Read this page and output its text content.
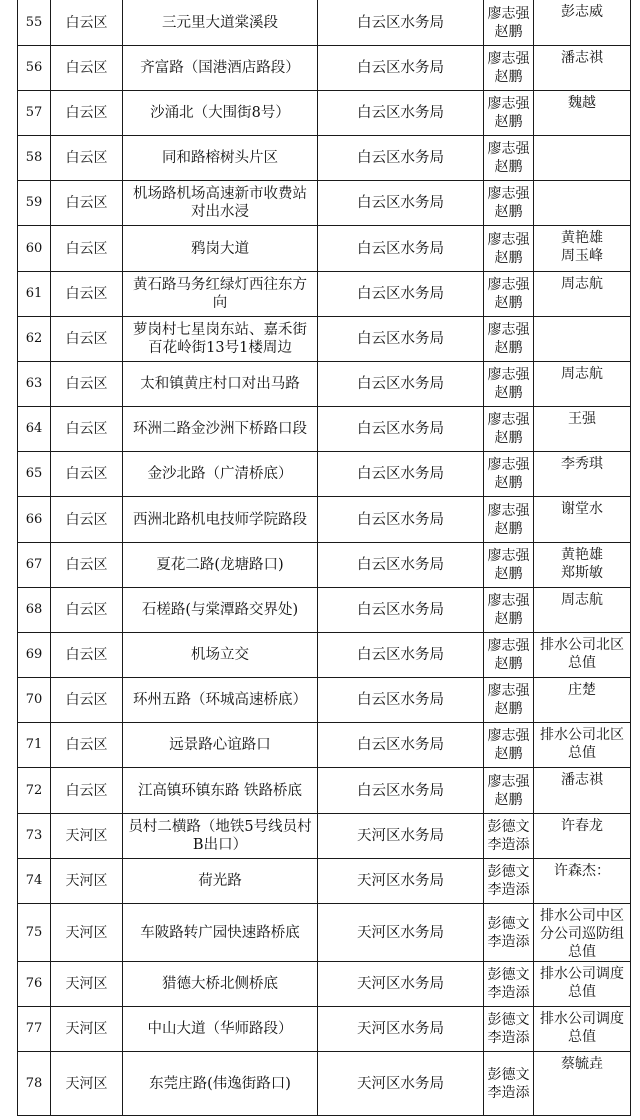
55	白云区	三元里大道棠溪段	白云区水务局	廖志强
赵鹏	彭志威

56	白云区	齐富路（国港酒店路段）	白云区水务局	廖志强
赵鹏	潘志祺

57	白云区	沙涌北（大围街8号）	白云区水务局	廖志强
赵鹏	魏越

58	白云区	同和路榕树头片区	白云区水务局	廖志强
赵鹏	

59	白云区	机场路机场高速新市收费站
对出水浸	白云区水务局	廖志强
赵鹏	

60	白云区	鸦岗大道	白云区水务局	廖志强
赵鹏	黄艳雄
周玉峰

61	白云区	黄石路马务红绿灯西往东方
向	白云区水务局	廖志强
赵鹏	周志航

62	白云区	萝岗村七星岗东站、嘉禾街
百花岭街13号1楼周边	白云区水务局	廖志强
赵鹏	

63	白云区	太和镇黄庄村口对出马路	白云区水务局	廖志强
赵鹏	周志航

64	白云区	环洲二路金沙洲下桥路口段	白云区水务局	廖志强
赵鹏	王强

65	白云区	金沙北路（广清桥底）	白云区水务局	廖志强
赵鹏	李秀琪

66	白云区	西洲北路机电技师学院路段	白云区水务局	廖志强
赵鹏	谢堂水

67	白云区	夏花二路(龙塘路口)	白云区水务局	廖志强
赵鹏	黄艳雄
郑斯敏

68	白云区	石槎路(与棠潭路交界处)	白云区水务局	廖志强
赵鹏	周志航

69	白云区	机场立交	白云区水务局	廖志强
赵鹏	排水公司北区
总值

70	白云区	环州五路（环城高速桥底）	白云区水务局	廖志强
赵鹏	庄楚

71	白云区	远景路心谊路口	白云区水务局	廖志强
赵鹏	排水公司北区
总值

72	白云区	江高镇环镇东路 铁路桥底	白云区水务局	廖志强
赵鹏	潘志祺

73	天河区	员村二横路（地铁5号线员村
B出口）	天河区水务局	彭德文
李造添	许春龙

74	天河区	荷光路	天河区水务局	彭德文
李造添	许森杰：

75	天河区	车陂路转广园快速路桥底	天河区水务局	彭德文
李造添	排水公司中区
分公司巡防组
总值

76	天河区	猎德大桥北侧桥底	天河区水务局	彭德文
李造添	排水公司调度
总值

77	天河区	中山大道（华师路段）	天河区水务局	彭德文
李造添	排水公司调度
总值

78	天河区	东莞庄路(伟逸街路口)	天河区水务局	彭德文
李造添	蔡毓垚
